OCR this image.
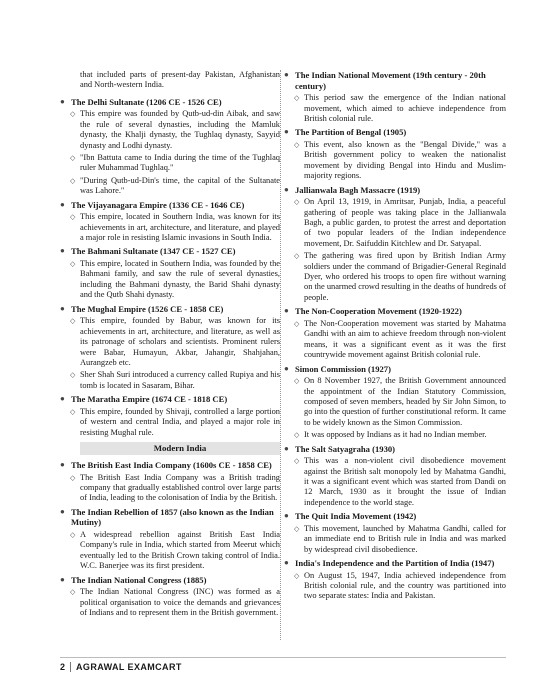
that included parts of present-day Pakistan, Afghanistan and North-western India.

● The Delhi Sultanate (1206 CE - 1526 CE)
◇ This empire was founded by Qutb-ud-din Aibak, and saw the rule of several dynasties, including the Mamluk dynasty, the Khalji dynasty, the Tughlaq dynasty, Sayyid dynasty and Lodhi dynasty.
◇ "Ibn Battuta came to India during the time of the Tughlaq ruler Muhammad Tughlaq."
◇ "During Qutb-ud-Din's time, the capital of the Sultanate was Lahore."
● The Vijayanagara Empire (1336 CE - 1646 CE)
◇ This empire, located in Southern India, was known for its achievements in art, architecture, and literature, and played a major role in resisting Islamic invasions in South India.
● The Bahmani Sultanate (1347 CE - 1527 CE)
◇ This empire, located in Southern India, was founded by the Bahmani family, and saw the rule of several dynasties, including the Bahmani dynasty, the Barid Shahi dynasty and the Qutb Shahi dynasty.
● The Mughal Empire (1526 CE - 1858 CE)
◇ This empire, founded by Babur, was known for its achievements in art, architecture, and literature, as well as its patronage of scholars and scientists. Prominent rulers were Babar, Humayun, Akbar, Jahangir, Shahjahan, Aurangzeb etc.
◇ Sher Shah Suri introduced a currency called Rupiya and his tomb is located in Sasaram, Bihar.
● The Maratha Empire (1674 CE - 1818 CE)
◇ This empire, founded by Shivaji, controlled a large portion of western and central India, and played a major role in resisting Mughal rule.
Modern India
● The British East India Company (1600s CE - 1858 CE)
◇ The British East India Company was a British trading company that gradually established control over large parts of India, leading to the colonisation of India by the British.
● The Indian Rebellion of 1857 (also known as the Indian Mutiny)
◇ A widespread rebellion against British East India Company's rule in India, which started from Meerut which eventually led to the British Crown taking control of India. W.C. Banerjee was its first president.
● The Indian National Congress (1885)
◇ The Indian National Congress (INC) was formed as a political organisation to voice the demands and grievances of Indians and to represent them in the British government.
● The Indian National Movement (19th century - 20th century)
◇ This period saw the emergence of the Indian national movement, which aimed to achieve independence from British colonial rule.
● The Partition of Bengal (1905)
◇ This event, also known as the "Bengal Divide," was a British government policy to weaken the nationalist movement by dividing Bengal into Hindu and Muslim-majority regions.
● Jallianwala Bagh Massacre (1919)
◇ On April 13, 1919, in Amritsar, Punjab, India, a peaceful gathering of people was taking place in the Jallianwala Bagh, a public garden, to protest the arrest and deportation of two popular leaders of the Indian independence movement, Dr. Saifuddin Kitchlew and Dr. Satyapal.
◇ The gathering was fired upon by British Indian Army soldiers under the command of Brigadier-General Reginald Dyer, who ordered his troops to open fire without warning on the unarmed crowd resulting in the deaths of hundreds of people.
● The Non-Cooperation Movement (1920-1922)
◇ The Non-Cooperation movement was started by Mahatma Gandhi with an aim to achieve freedom through non-violent means, it was a significant event as it was the first countrywide movement against British colonial rule.
● Simon Commission (1927)
◇ On 8 November 1927, the British Government announced the appointment of the Indian Statutory Commission, composed of seven members, headed by Sir John Simon, to go into the question of further constitutional reform. It came to be widely known as the Simon Commission.
◇ It was opposed by Indians as it had no Indian member.
● The Salt Satyagraha (1930)
◇ This was a non-violent civil disobedience movement against the British salt monopoly led by Mahatma Gandhi, it was a significant event which was started from Dandi on 12 March, 1930 as it brought the issue of Indian independence to the world stage.
● The Quit India Movement (1942)
◇ This movement, launched by Mahatma Gandhi, called for an immediate end to British rule in India and was marked by widespread civil disobedience.
● India's Independence and the Partition of India (1947)
◇ On August 15, 1947, India achieved independence from British colonial rule, and the country was partitioned into two separate states: India and Pakistan.
2 AGRAWAL EXAMCART
